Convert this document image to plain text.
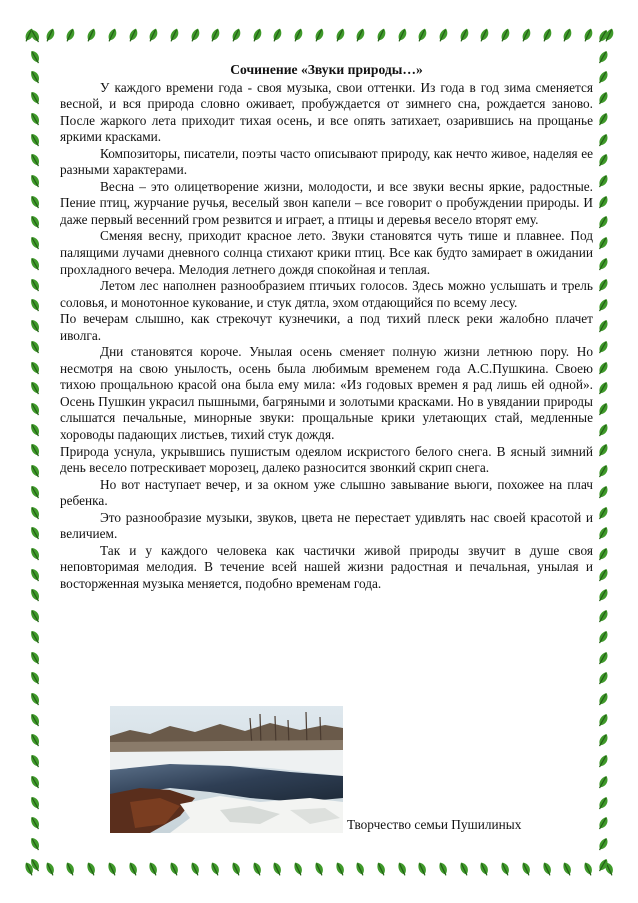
Сочинение «Звуки природы…»

У каждого времени года - своя музыка, свои оттенки. Из года в год зима сменяется весной, и вся природа словно оживает, пробуждается от зимнего сна, рождается заново. После жаркого лета приходит тихая осень, и все опять затихает, озарившись на прощанье яркими красками.

Композиторы, писатели, поэты часто описывают природу, как нечто живое, наделяя ее разными характерами.

Весна – это олицетворение жизни, молодости, и все звуки весны яркие, радостные. Пение птиц, журчание ручья, веселый звон капели – все говорит о пробуждении природы. И даже первый весенний гром резвится и играет, а птицы и деревья весело вторят ему.

Сменяя весну, приходит красное лето. Звуки становятся чуть тише и плавнее. Под палящими лучами дневного солнца стихают крики птиц. Все как будто замирает в ожидании прохладного вечера. Мелодия летнего дождя спокойная и теплая.

Летом лес наполнен разнообразием птичьих голосов. Здесь можно услышать и трель соловья, и монотонное кукование, и стук дятла, эхом отдающийся по всему лесу.

По вечерам слышно, как стрекочут кузнечики, а под тихий плеск реки жалобно плачет иволга.

Дни становятся короче. Унылая осень сменяет полную жизни летнюю пору. Но несмотря на свою унылость, осень была любимым временем года А.С.Пушкина. Своею тихою прощальною красой она была ему мила: «Из годовых времен я рад лишь ей одной». Осень Пушкин украсил пышными, багряными и золотыми красками. Но в увядании природы слышатся печальные, минорные звуки: прощальные крики улетающих стай, медленные хороводы падающих листьев, тихий стук дождя.

Природа уснула, укрывшись пушистым одеялом искристого белого снега. В ясный зимний день весело потрескивает морозец, далеко разносится звонкий скрип снега.

Но вот наступает вечер, и за окном уже слышно завывание вьюги, похожее на плач ребенка.

Это разнообразие музыки, звуков, цвета не перестает удивлять нас своей красотой и величием.

Так и у каждого человека как частички живой природы звучит в душе своя неповторимая мелодия. В течение всей нашей жизни радостная и печальная, унылая и восторженная музыка меняется, подобно временам года.

Творчество семьи Пушилиных
